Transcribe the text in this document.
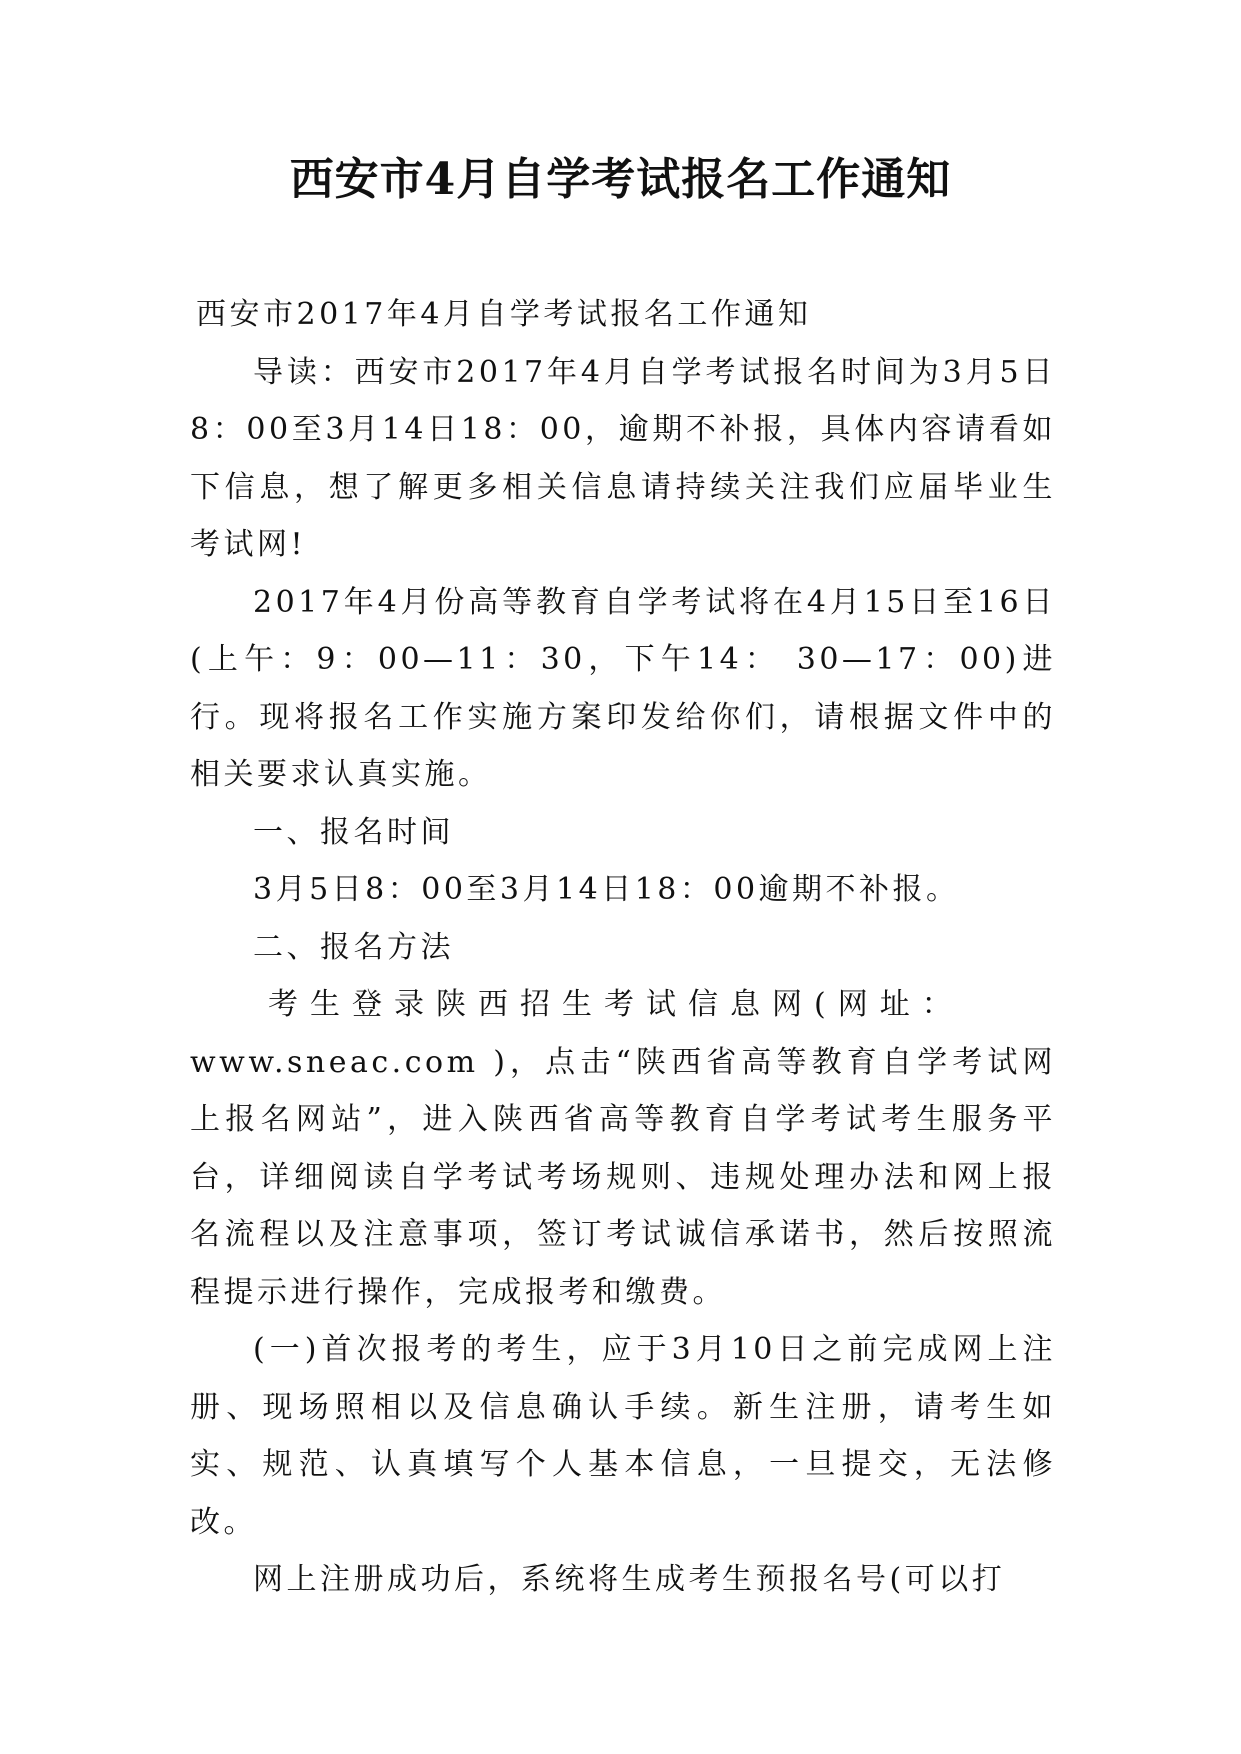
西安市4月自学考试报名工作通知

西安市2017年4月自学考试报名工作通知

导读：西安市2017年4月自学考试报名时间为3月5日8：00至3月14日18：00，逾期不补报，具体内容请看如下信息，想了解更多相关信息请持续关注我们应届毕业生考试网!

2017年4月份高等教育自学考试将在4月15日至16日(上午：9：00—11：30，下午14： 30—17：00)进行。现将报名工作实施方案印发给你们，请根据文件中的相关要求认真实施。

一、报名时间

3月5日8：00至3月14日18：00逾期不补报。

二、报名方法

考生登录陕西招生考试信息网(网址：

www.sneac.com )，点击“陕西省高等教育自学考试网上报名网站”，进入陕西省高等教育自学考试考生服务平台，详细阅读自学考试考场规则、违规处理办法和网上报名流程以及注意事项，签订考试诚信承诺书，然后按照流程提示进行操作，完成报考和缴费。

(一)首次报考的考生，应于3月10日之前完成网上注册、现场照相以及信息确认手续。新生注册，请考生如实、规范、认真填写个人基本信息，一旦提交，无法修改。

网上注册成功后，系统将生成考生预报名号(可以打
